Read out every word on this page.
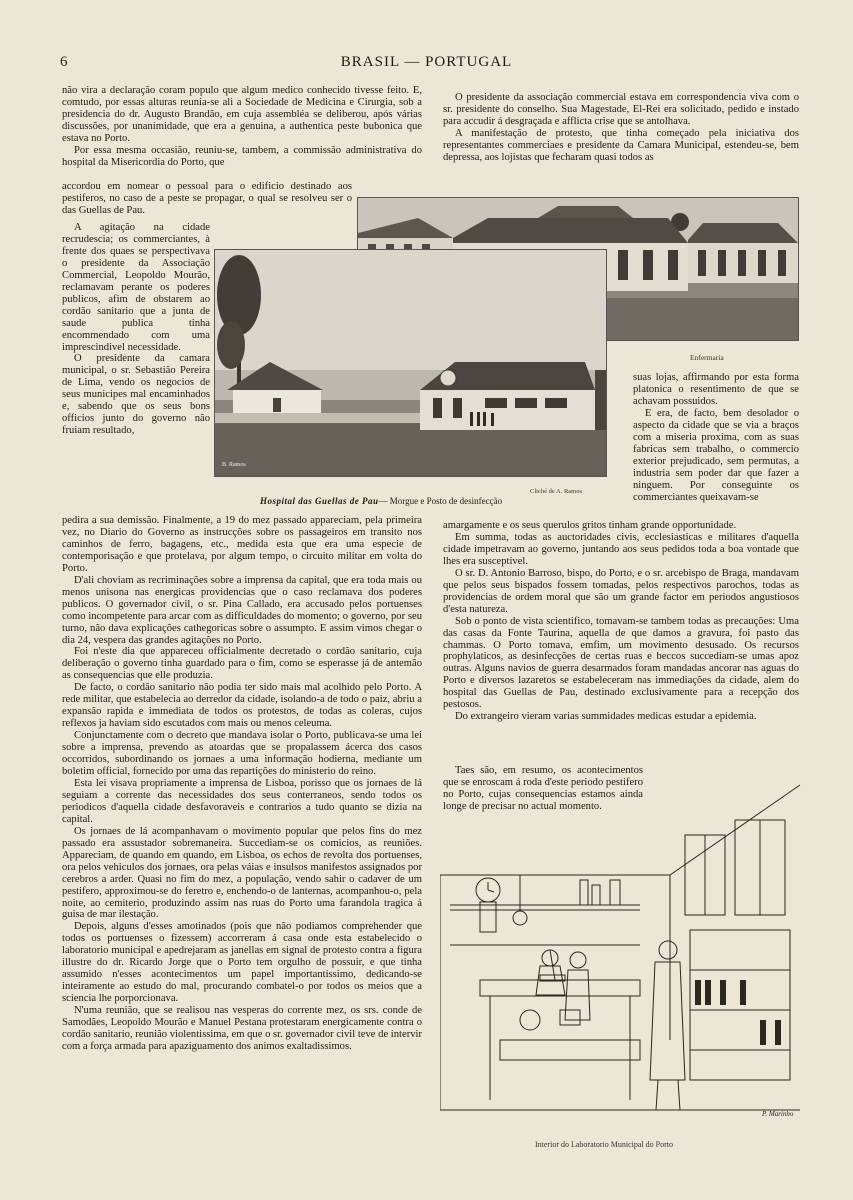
6	BRASIL — PORTUGAL

não vira a declaração coram populo que algum medico conhecido tivesse feito. E, comtudo, por essas alturas reunia-se ali a Sociedade de Medicina e Cirurgia, sob a presidencia do dr. Augusto Brandão, em cuja assembléa se deliberou, após várias discussões, por unanimidade, que era a genuina, a authentica peste bubonica que estava no Porto.

Por essa mesma occasião, reuniu-se, tambem, a commissão administrativa do hospital da Misericordia do Porto, que

accordou em nomear o pessoal para o edificio destinado aos pestiferos, no caso de a peste se propagar, o qual se resolveu ser o das Guellas de Pau.

A agitação na cidade recrudescia; os commerciantes, à frente dos quaes se perspectivava o presidente da Associação Commercial, Leopoldo Mourão, reclamavam perante os poderes publicos, afim de obstarem ao cordão sanitario que a junta de saude publica tinha encommendado com uma imprescindivel necessidade.

O presidente da camara municipal, o sr. Sebastião Pereira de Lima, vendo os negocios de seus municipes mal encaminhados e, sabendo que os seus bons officios junto do governo não fruiam resultado,

Enfermaria
B. Ramos
Cliché de A. Ramos
Hospital das Guellas de Pau— Morgue e Posto de desinfecção

pedira a sua demissão. Finalmente, a 19 do mez passado appareciam, pela primeira vez, no Diario do Governo as instrucções sobre os passageiros em transito nos caminhos de ferro, bagagens, etc., medida esta que era uma especie de contemporisação e que protelava, por algum tempo, o circuito militar em volta do Porto.

D'ali choviam as recriminações sobre a imprensa da capital, que era toda mais ou menos unisona nas energicas providencias que o caso reclamava dos poderes publicos. O governador civil, o sr. Pina Callado, era accusado pelos portuenses como incompetente para arcar com as difficuldades do momento; o governo, por seu turno, não dava explicações cathegoricas sobre o assumpto. E assim vimos chegar o dia 24, vespera das grandes agitações no Porto.

Foi n'este dia que appareceu officialmente decretado o cordão sanitario, cuja deliberação o governo tinha guardado para o fim, como se esperasse já de antemão as consequencias que elle produzia.

De facto, o cordão sanitario não podia ter sido mais mal acolhido pelo Porto. A rede militar, que estabelecia ao derredor da cidade, isolando-a de todo o paiz, abriu a expansão rapida e immediata de todos os protestos, de todas as coleras, cujos reflexos ja haviam sido escutados com mais ou menos celeuma.

Conjunctamente com o decreto que mandava isolar o Porto, publicava-se uma lei sobre a imprensa, prevendo as atoardas que se propalassem ácerca dos casos occorridos, subordinando os jornaes a uma informação hodierna, mediante um boletim official, fornecido por uma das repartições do ministerio do reino.

Esta lei visava propriamente a imprensa de Lisboa, porisso que os jornaes de lá seguiam a corrente das necessidades dos seus conterraneos, sendo todos os periodicos d'aquella cidade desfavoraveis e contrarios a tudo quanto se dizia na capital.

Os jornaes de lá acompanhavam o movimento popular que pelos fins do mez passado era assustador sobremaneira. Succediam-se os comicios, as reuniões. Appareciam, de quando em quando, em Lisboa, os echos de revolta dos portuenses, ora pelos vehiculos dos jornaes, ora pelas váias e insulsos manifestos assignados por cerebros a arder. Quasi no fim do mez, a população, vendo sahir o cadaver de um pestifero, approximou-se do feretro e, enchendo-o de lanternas, acompanhou-o, pela noite, ao cemiterio, produzindo assim nas ruas do Porto uma farandola tragica á guisa de mar ilestação.

Depois, alguns d'esses amotinados (pois que não podiamos comprehender que todos os portuenses o fizessem) accorreram á casa onde esta estabelecido o laboratorio municipal e apedrejaram as janellas em signal de protesto contra a figura illustre do dr. Ricardo Jorge que o Porto tem orgulho de possuir, e que tinha assumido n'esses acontecimentos um papel importantissimo, dedicando-se inteiramente ao estudo do mal, procurando combatel-o por todos os meios que a sciencia lhe porporcionava.

N'uma reunião, que se realisou nas vesperas do corrente mez, os srs. conde de Samodães, Leopoldo Mourão e Manuel Pestana protestaram energicamente contra o cordão sanitario, reunião violentissima, em que o sr. governador civil teve de intervir com a força armada para apaziguamento dos animos exaltadissimos.

O presidente da associação commercial estava em correspondencia viva com o sr. presidente do conselho. Sua Magestade, El-Rei era solicitado, pedido e instado para accudir á desgraçada e afflicta crise que se antolhava.

A manifestação de protesto, que tinha começado pela iniciativa dos representantes commerciaes e presidente da Camara Municipal, estendeu-se, bem depressa, aos lojistas que fecharam quasi todos as

suas lojas, affirmando por esta forma platonica o resentimento de que se achavam possuidos.

E era, de facto, bem desolador o aspecto da cidade que se via a braços com a miseria proxima, com as suas fabricas sem trabalho, o commercio exterior prejudicado, sem permutas, a industria sem poder dar que fazer a ninguem. Por conseguinte os commerciantes queixavam-se

amargamente e os seus querulos gritos tinham grande opportunidade.

Em summa, todas as auctoridades civis, ecclesiasticas e militares d'aquella cidade impetravam ao governo, juntando aos seus pedidos toda a boa vontade que lhes era susceptivel.

O sr. D. Antonio Barroso, bispo, do Porto, e o sr. arcebispo de Braga, mandavam que pelos seus bispados fossem tomadas, pelos respectivos parochos, todas as providencias de ordem moral que são um grande factor em periodos angustiosos d'esta natureza.

Sob o ponto de vista scientifico, tomavam-se tambem todas as precauções: Uma das casas da Fonte Taurina, aquella de que damos a gravura, foi pasto das chammas. O Porto tomava, emfim, um movimento desusado. Os recursos prophylaticos, as desinfecções de certas ruas e beccos succediam-se umas apoz outras. Alguns navios de guerra desarmados foram mandadas ancorar nas aguas do Porto e diversos lazaretos se estabeleceram nas immediações da cidade, alem do hospital das Guellas de Pau, destinado exclusivamente para a recepção dos pestosos.

Do extrangeiro vieram varias summidades medicas estudar a epidemia.

Taes são, em resumo, os acontecimentos que se enroscam á roda d'este periodo pestifero no Porto, cujas consequencias estamos ainda longe de precisar no actual momento.

P. Marinho
Interior do Laboratorio Municipal do Porto
